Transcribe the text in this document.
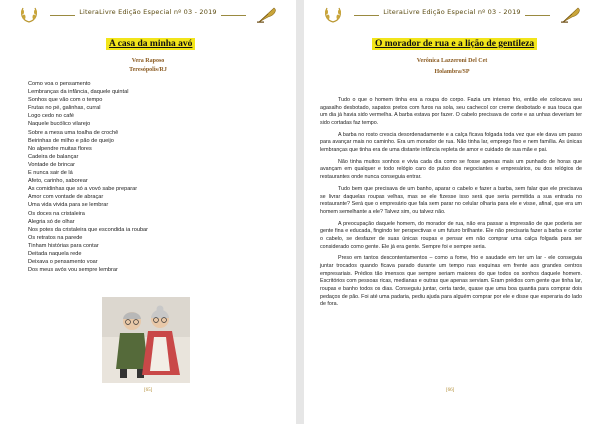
LiteraLivre Edição Especial nº 03 - 2019
A casa da minha avó
Vera Raposo
Teresópolis/RJ
Como voa o pensamento
Lembranças da infância, daquele quintal
Sonhos que vão com o tempo
Frutas no pé, galinhas, curral
Logo cedo no café
Naquele bucólico vilarejo
Sobre a mesa uma toalha de crochê
Beirinhas de milho e pão de queijo
No alpendre muitas flores
Cadeira de balançar
Vontade de brincar
E nunca sair de lá
Afeto, carinho, saborear
As comidinhas que só a vovó sabe preparar
Amor com vontade de abraçar
Uma vida vivida para se lembrar
Os doces na cristaleira
Alegria só de olhar
Nos potes da cristaleira que escondida ia roubar
Os retratos na parede
Tinham histórias para contar
Deitada naquela rede
Deixava o pensamento voar
Dos meus avós vou sempre lembrar
[65]
LiteraLivre Edição Especial nº 03 - 2019
O morador de rua e a lição de gentileza
Verônica Lazzeroni Del Cet
Holambra/SP
[66]

Tudo o que o homem tinha era a roupa do corpo. Fazia um intenso frio, então ele colocava seu agasalho desbotado, sapatos pretos com furos na sola, seu cachecol cor creme desbotado e sua touca que um dia já havia sido vermelha. A barba estava por fazer. O cabelo precisava de corte e as unhas deveriam ter sido cortadas faz tempo.

A barba no rosto crescia desordenadamente e a calça ficava folgada toda vez que ele dava um passo para avançar mais no caminho. Era um morador de rua. Não tinha lar, emprego fixo e nem família. As únicas lembranças que tinha era de uma distante infância repleta de amor e cuidado de sua mãe e pai.

Não tinha muitos sonhos e vivia cada dia como se fosse apenas mais um punhado de horas que avançam em qualquer e todo relógio caro do pulso dos negociantes e empresários, ou dos relógios de restaurantes onde nunca conseguia entrar.

Tudo bem que precisava de um banho, aparar o cabelo e fazer a barba, sem falar que ele precisava se livrar daquelas roupas velhas, mas se ele fizesse isso será que seria permitida a sua entrada no restaurante? Será que o empresário que fala sem parar no celular olharia para ele e visse, afinal, que era um homem semelhante a ele? Talvez sim, ou talvez não.

A preocupação daquele homem, do morador de rua, não era passar a impressão de que poderia ser gente fina e educada, fingindo ter perspectivas e um futuro brilhante. Ele não precisaria fazer a barba e cortar o cabelo, se desfazer de suas únicas roupas e pensar em não comprar uma calça folgada para ser considerado como gente. Ele já era gente. Sempre foi e sempre seria.

Preso em tantos descontentamentos – como a fome, frio e saudade em ter um lar - ele conseguia juntar trocados quando ficava parado durante um tempo nas esquinas em frente aos grandes centros empresariais. Prédios tão imensos que sempre seriam maiores do que todos os sonhos daquele homem. Escritórios com pessoas ricas, medianas e outras que apenas serviam. Eram prédios com gente que tinha lar, roupas e banho todos os dias. Conseguiu juntar, certa tarde, quase que uma boa quantia para comprar dois pedaços de pão. Foi até uma padaria, pediu ajuda para alguém comprar por ele e disse que esperaria do lado de fora.
